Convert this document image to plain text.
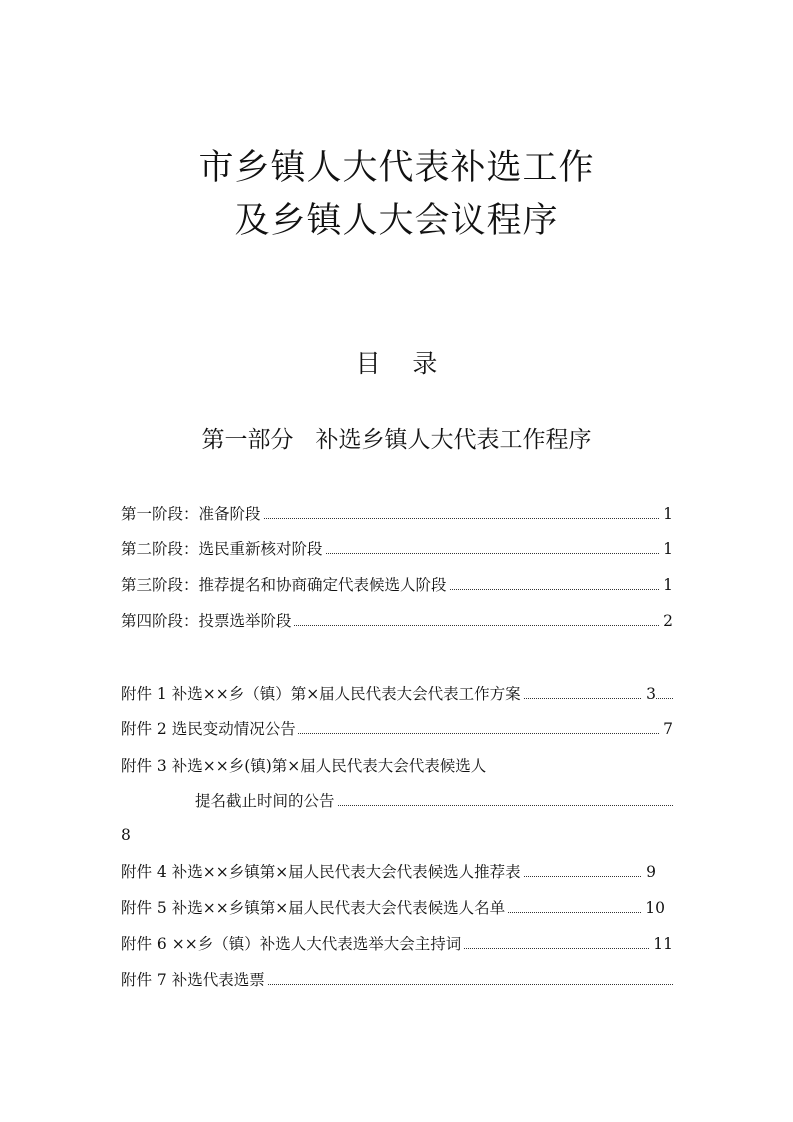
市乡镇人大代表补选工作
及乡镇人大会议程序
目    录
第一部分   补选乡镇人大代表工作程序
第一阶段：准备阶段	1
第二阶段：选民重新核对阶段	1
第三阶段：推荐提名和协商确定代表候选人阶段	1
第四阶段：投票选举阶段	2
附件 1 补选××乡（镇）第×届人民代表大会代表工作方案	3
附件 2 选民变动情况公告	7
附件 3 补选××乡(镇)第×届人民代表大会代表候选人
提名截止时间的公告
8
附件 4 补选××乡镇第×届人民代表大会代表候选人推荐表	9
附件 5 补选××乡镇第×届人民代表大会代表候选人名单	10
附件 6 ××乡（镇）补选人大代表选举大会主持词	11
附件 7 补选代表选票
